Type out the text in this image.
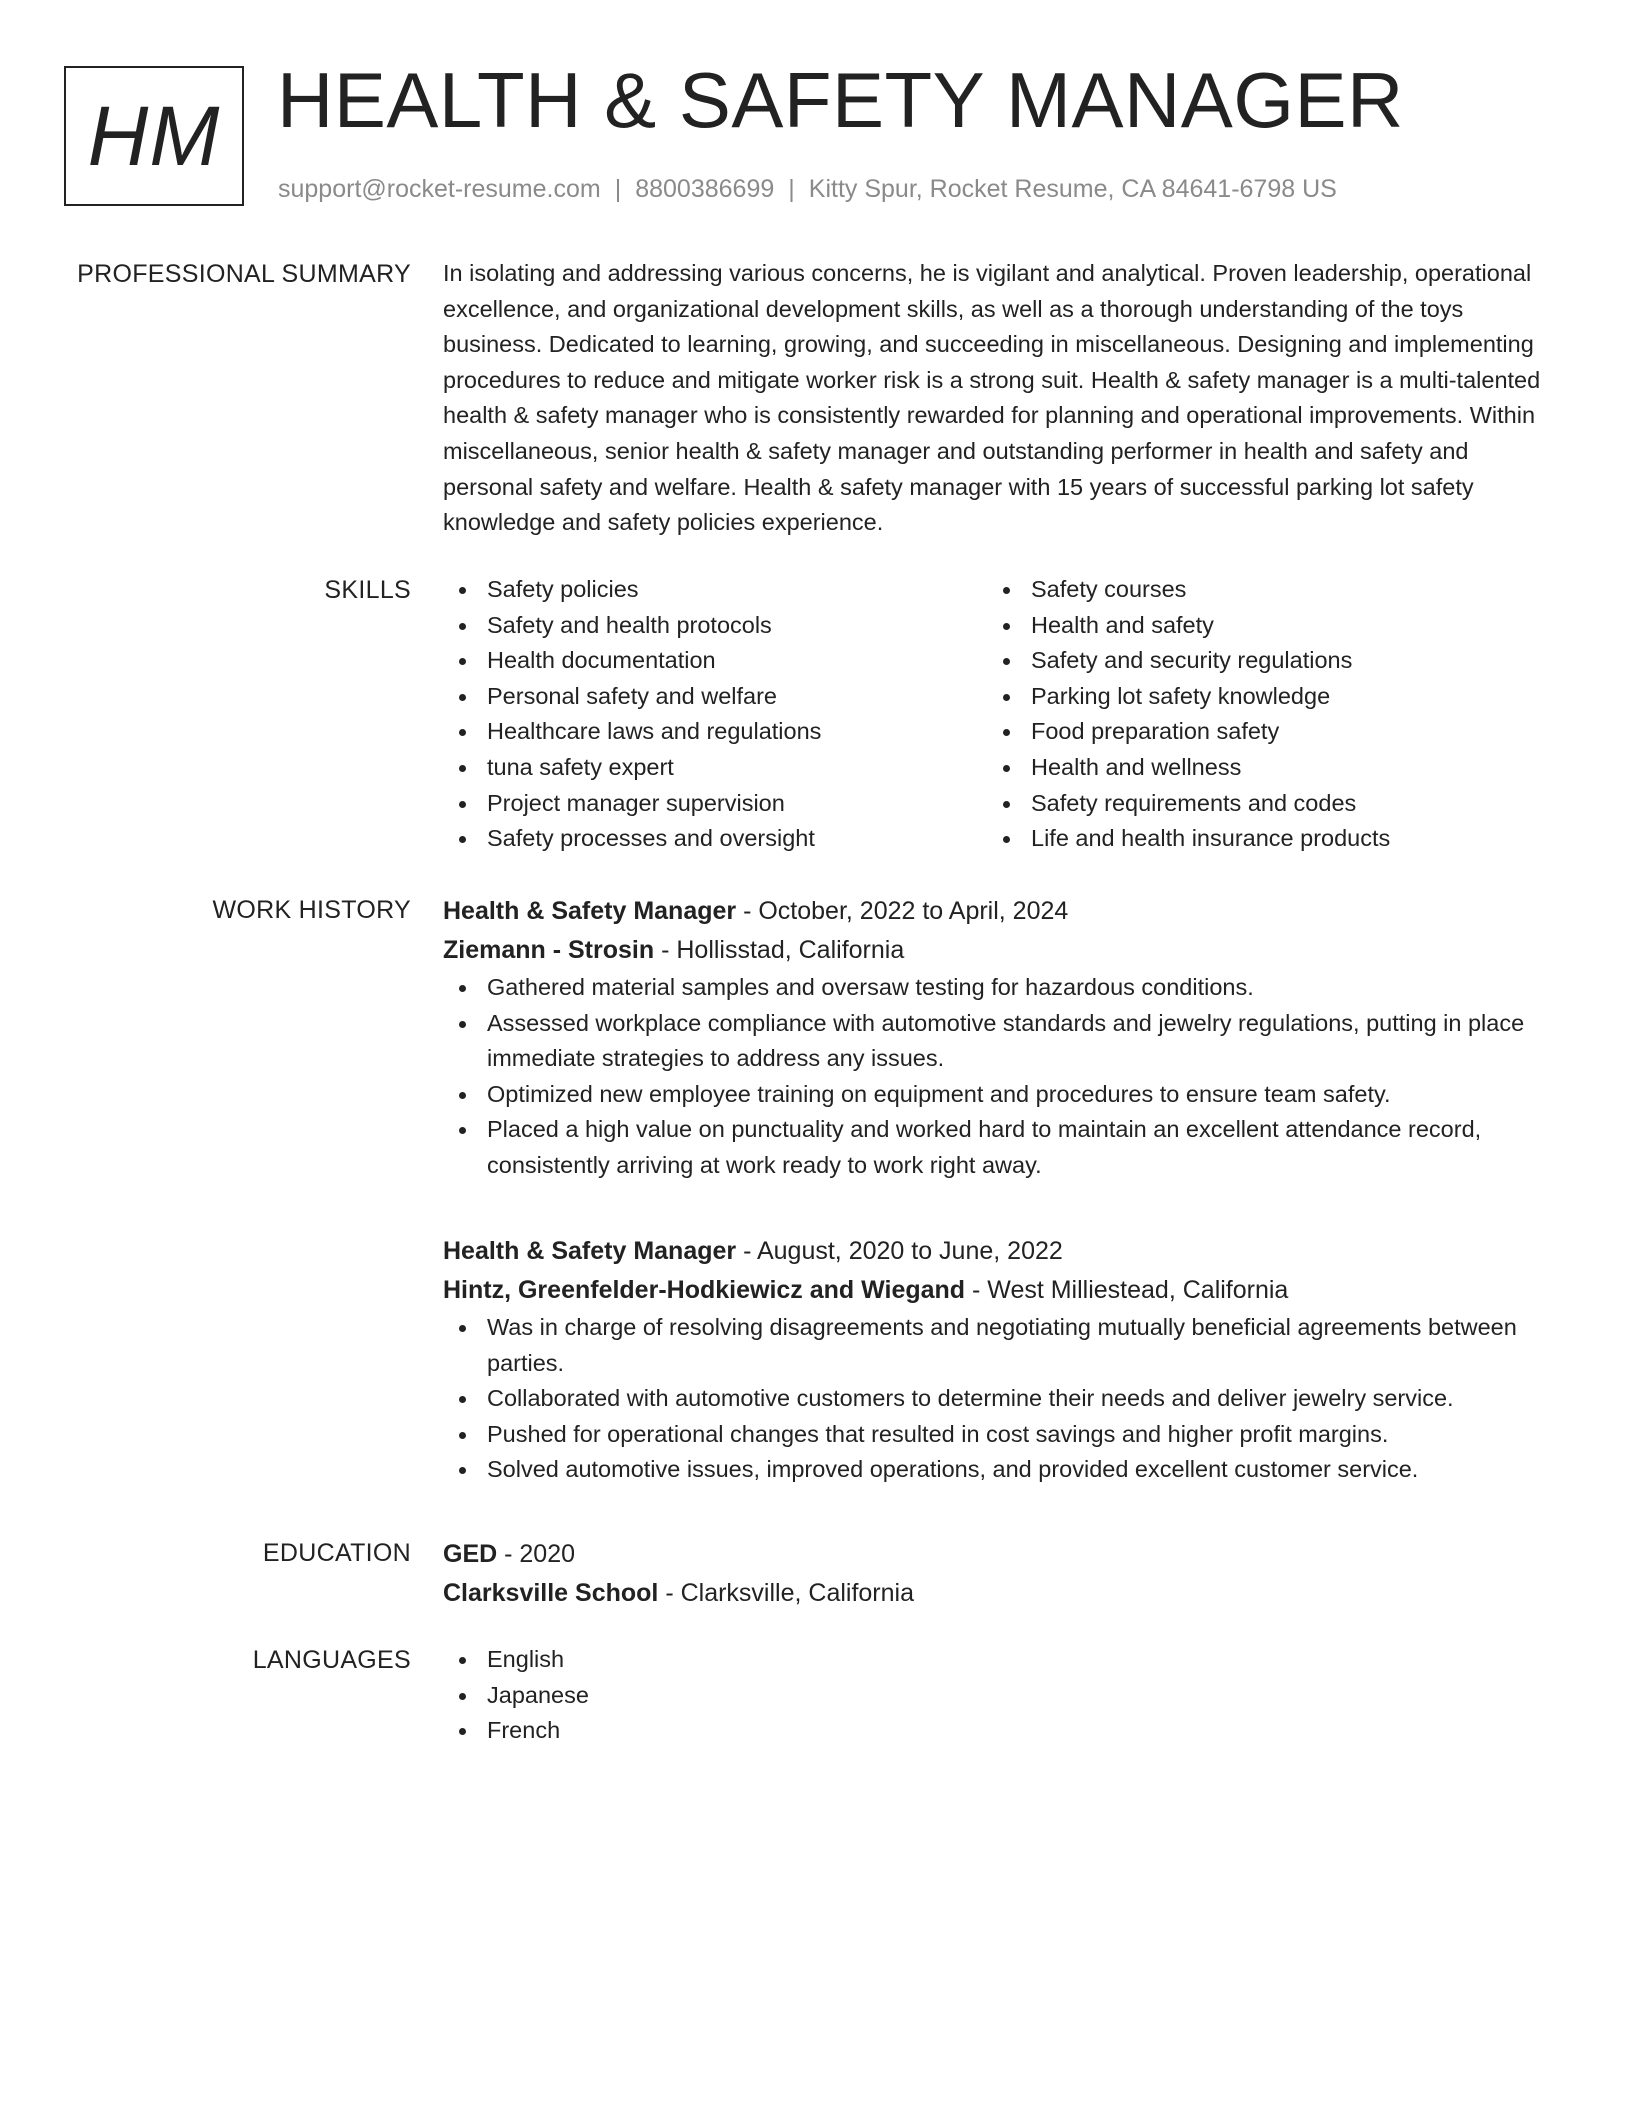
HM HEALTH & SAFETY MANAGER
support@rocket-resume.com | 8800386699 | Kitty Spur, Rocket Resume, CA 84641-6798 US
PROFESSIONAL SUMMARY In isolating and addressing various concerns, he is vigilant and analytical. Proven leadership, operational excellence, and organizational development skills, as well as a thorough understanding of the toys business. Dedicated to learning, growing, and succeeding in miscellaneous. Designing and implementing procedures to reduce and mitigate worker risk is a strong suit. Health & safety manager is a multi-talented health & safety manager who is consistently rewarded for planning and operational improvements. Within miscellaneous, senior health & safety manager and outstanding performer in health and safety and personal safety and welfare. Health & safety manager with 15 years of successful parking lot safety knowledge and safety policies experience.

SKILLS	Safety policies
Safety and health protocols
Health documentation
Personal safety and welfare
Healthcare laws and regulations
tuna safety expert
Project manager supervision
Safety processes and oversight
Safety courses
Health and safety
Safety and security regulations
Parking lot safety knowledge
Food preparation safety
Health and wellness
Safety requirements and codes
Life and health insurance products
WORK HISTORY Health & Safety Manager - October, 2022 to April, 2024
Ziemann - Strosin - Hollisstad, California
Gathered material samples and oversaw testing for hazardous conditions.
Assessed workplace compliance with automotive standards and jewelry regulations, putting in place immediate strategies to address any issues.
Optimized new employee training on equipment and procedures to ensure team safety.
Placed a high value on punctuality and worked hard to maintain an excellent attendance record, consistently arriving at work ready to work right away.
Health & Safety Manager - August, 2020 to June, 2022
Hintz, Greenfelder-Hodkiewicz and Wiegand - West Milliestead, California
Was in charge of resolving disagreements and negotiating mutually beneficial agreements between parties.
Collaborated with automotive customers to determine their needs and deliver jewelry service.
Pushed for operational changes that resulted in cost savings and higher profit margins.
Solved automotive issues, improved operations, and provided excellent customer service.
EDUCATION GED - 2020
Clarksville School - Clarksville, California
LANGUAGES	English
Japanese
French
